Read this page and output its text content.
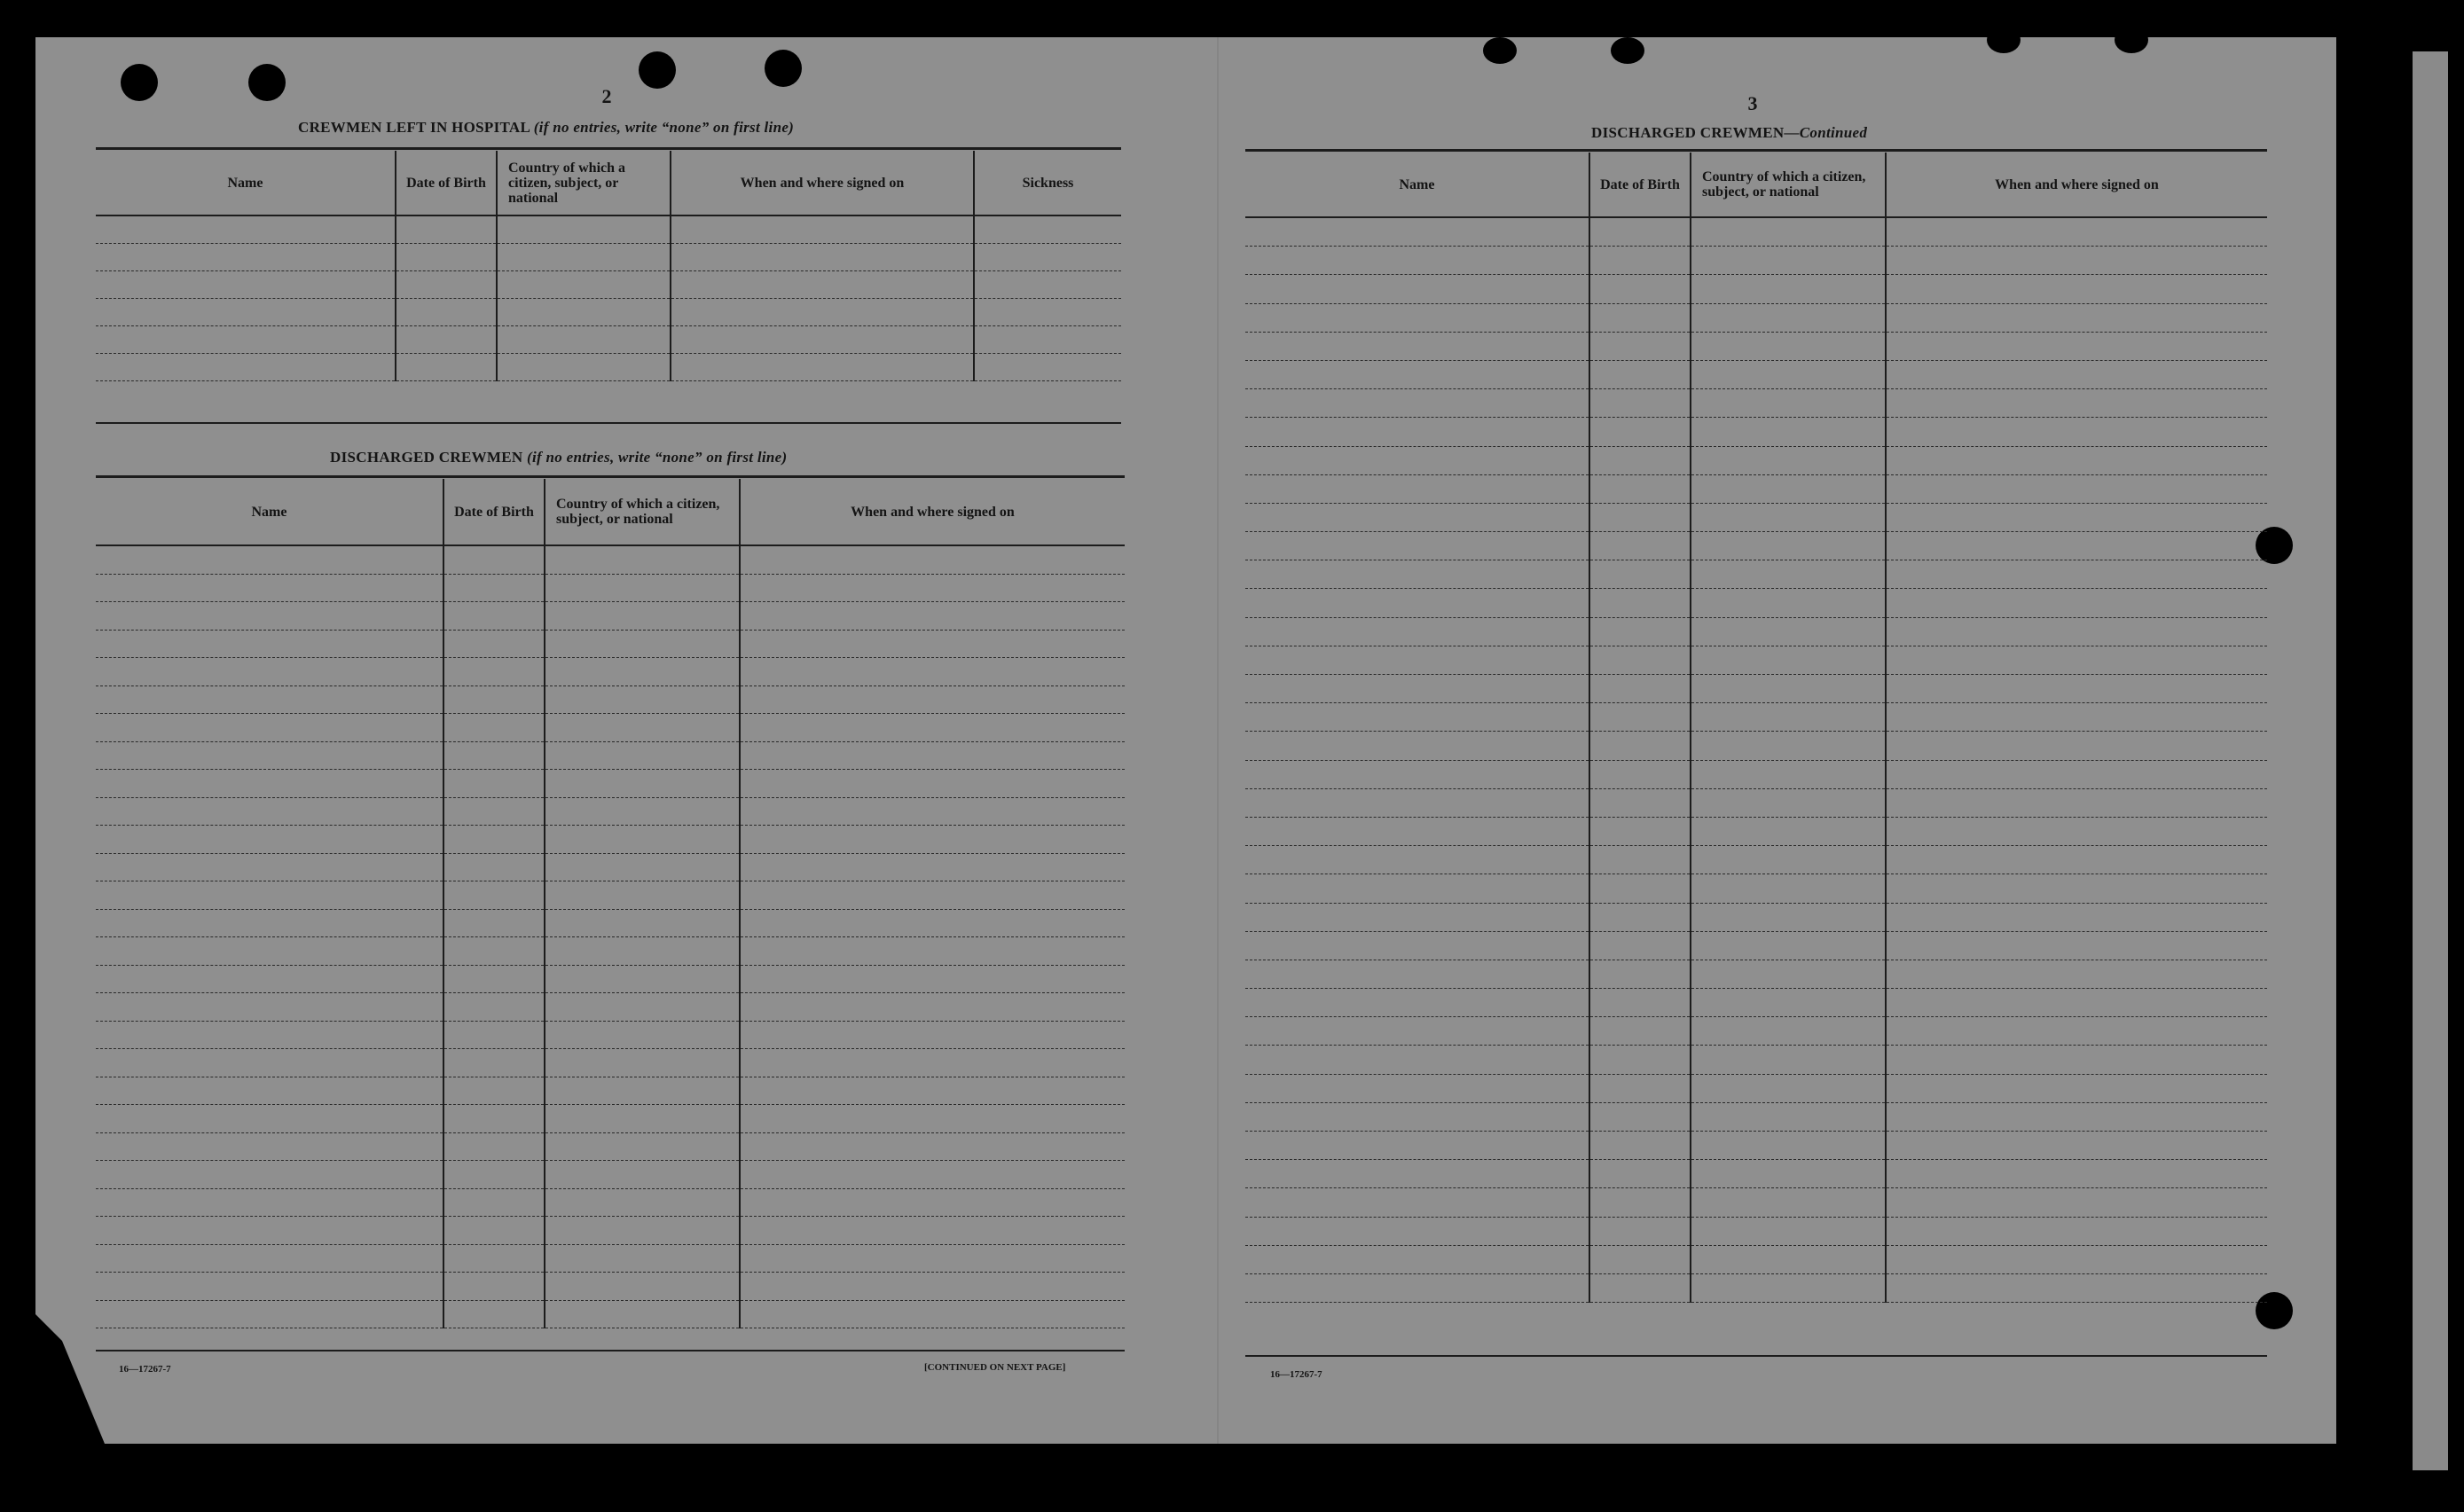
2
CREWMEN LEFT IN HOSPITAL (if no entries, write “none” on first line)
Name	Date of Birth	Country of which a citizen, subject, or national	When and where signed on	Sickness

DISCHARGED CREWMEN (if no entries, write “none” on first line)
Name	Date of Birth	Country of which a citizen, subject, or national	When and where signed on

16—17267-7	[CONTINUED ON NEXT PAGE]
3
DISCHARGED CREWMEN—Continued
Name	Date of Birth	Country of which a citizen, subject, or national	When and where signed on

16—17267-7
